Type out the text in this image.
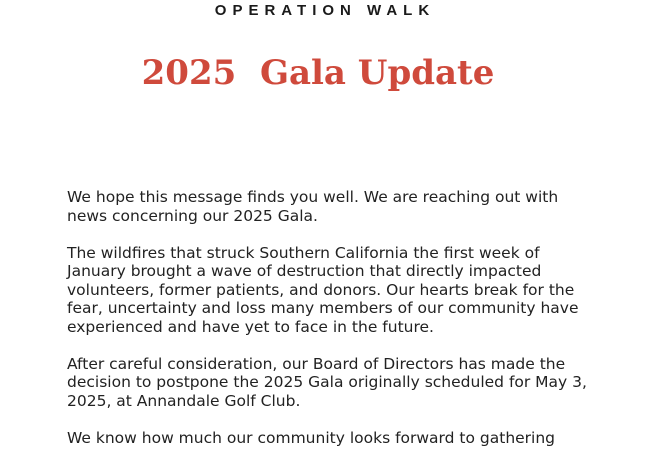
OPERATION WALK
2025  Gala Update

We hope this message finds you well. We are reaching out with news concerning our 2025 Gala.

The wildfires that struck Southern California the first week of January brought a wave of destruction that directly impacted volunteers, former patients, and donors. Our hearts break for the fear, uncertainty and loss many members of our community have experienced and have yet to face in the future.

After careful consideration, our Board of Directors has made the decision to postpone the 2025 Gala originally scheduled for May 3, 2025, at Annandale Golf Club.

We know how much our community looks forward to gathering
